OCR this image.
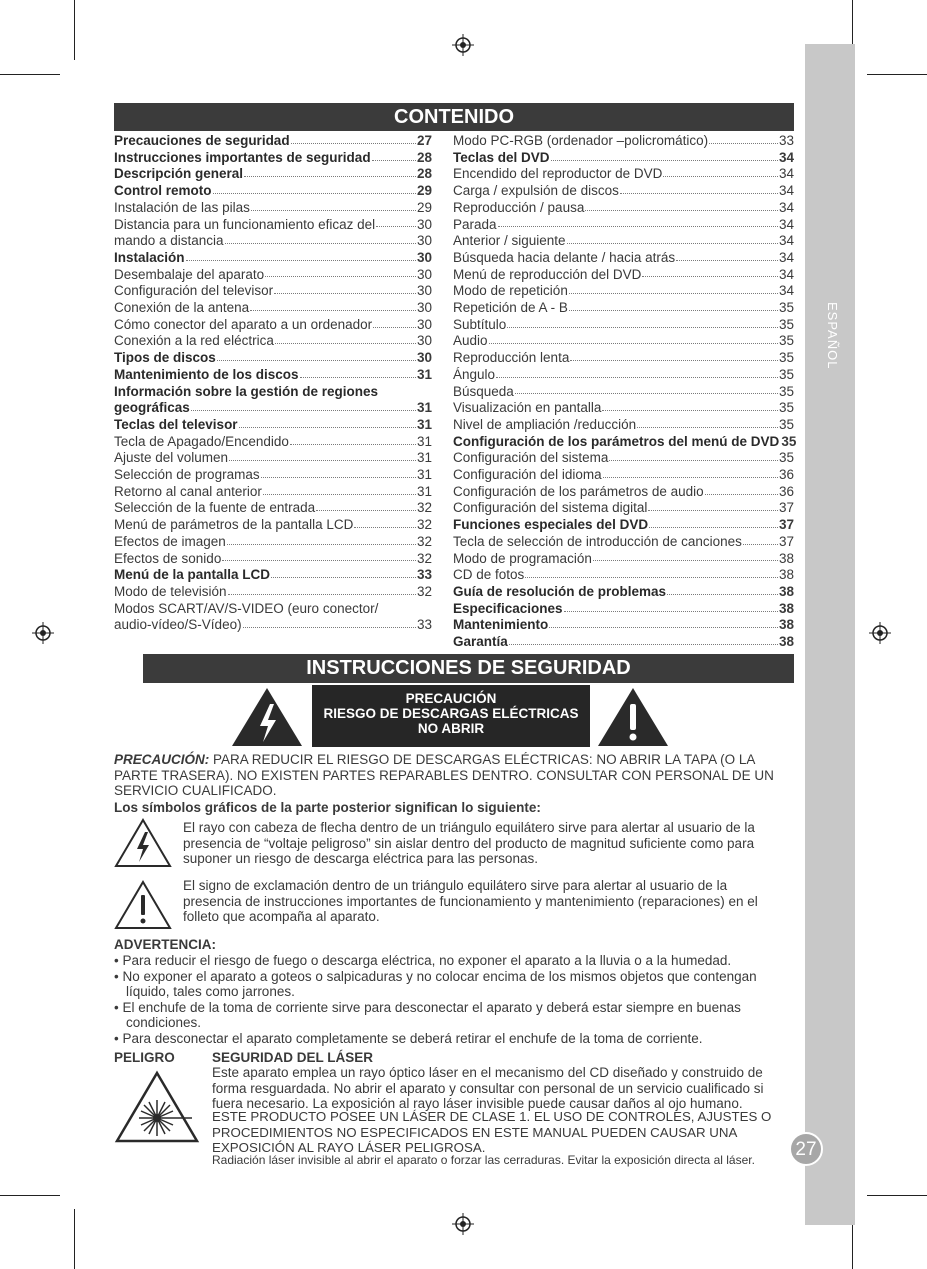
ESPAÑOL
27
CONTENIDO
Precauciones de seguridad	27
Instrucciones importantes de seguridad	28
Descripción general	28
Control remoto	29
Instalación de las pilas	29
Distancia para un funcionamiento eficaz del	30
mando a distancia	30
Instalación	30
Desembalaje del aparato	30
Configuración del televisor	30
Conexión de la antena	30
Cómo conector del aparato a un ordenador	30
Conexión a la red eléctrica	30
Tipos de discos	30
Mantenimiento de los discos	31
Información sobre la gestión de regiones
geográficas	31
Teclas del televisor	31
Tecla de Apagado/Encendido	31
Ajuste del volumen	31
Selección de programas	31
Retorno al canal anterior	31
Selección de la fuente de entrada	32
Menú de parámetros de la pantalla LCD	32
Efectos de imagen	32
Efectos de sonido	32
Menú de la pantalla LCD	33
Modo de televisión	32
Modos SCART/AV/S-VIDEO (euro conector/
audio-vídeo/S-Vídeo)	33
Modo PC-RGB (ordenador –policromático)	33
Teclas del DVD	34
Encendido del reproductor de DVD	34
Carga / expulsión de discos	34
Reproducción / pausa	34
Parada	34
Anterior / siguiente	34
Búsqueda hacia delante / hacia atrás	34
Menú de reproducción del DVD	34
Modo de repetición	34
Repetición de A - B	35
Subtítulo	35
Audio	35
Reproducción lenta	35
Ángulo	35
Búsqueda	35
Visualización en pantalla	35
Nivel de ampliación /reducción	35
Configuración de los parámetros del menú de DVD 35
Configuración del sistema	35
Configuración del idioma	36
Configuración de los parámetros de audio	36
Configuración del sistema digital	37
Funciones especiales del DVD	37
Tecla de selección de introducción de canciones	37
Modo de programación	38
CD de fotos	38
Guía de resolución de problemas	38
Especificaciones	38
Mantenimiento	38
Garantía	38
INSTRUCCIONES DE SEGURIDAD
PRECAUCIÓN
RIESGO DE DESCARGAS ELÉCTRICAS
NO ABRIR
PRECAUCIÓN: PARA REDUCIR EL RIESGO DE DESCARGAS ELÉCTRICAS: NO ABRIR LA TAPA (O LA PARTE TRASERA). NO EXISTEN PARTES REPARABLES DENTRO. CONSULTAR CON PERSONAL DE UN SERVICIO CUALIFICADO.
Los símbolos gráficos de la parte posterior significan lo siguiente:
El rayo con cabeza de flecha dentro de un triángulo equilátero sirve para alertar al usuario de la presencia de “voltaje peligroso” sin aislar dentro del producto de magnitud suficiente como para suponer un riesgo de descarga eléctrica para las personas.
El signo de exclamación dentro de un triángulo equilátero sirve para alertar al usuario de la presencia de instrucciones importantes de funcionamiento y mantenimiento (reparaciones) en el folleto que acompaña al aparato.
ADVERTENCIA:
• Para reducir el riesgo de fuego o descarga eléctrica, no exponer el aparato a la lluvia o a la humedad.
• No exponer el aparato a goteos o salpicaduras y no colocar encima de los mismos objetos que contengan líquido, tales como jarrones.
• El enchufe de la toma de corriente sirve para desconectar el aparato y deberá estar siempre en buenas condiciones.
• Para desconectar el aparato completamente se deberá retirar el enchufe de la toma de corriente.
PELIGRO	SEGURIDAD DEL LÁSER
Este aparato emplea un rayo óptico láser en el mecanismo del CD diseñado y construido de forma resguardada. No abrir el aparato y consultar con personal de un servicio cualificado si fuera necesario. La exposición al rayo láser invisible puede causar daños al ojo humano.
ESTE PRODUCTO POSEE UN LÁSER DE CLASE 1. EL USO DE CONTROLES, AJUSTES O PROCEDIMIENTOS NO ESPECIFICADOS EN ESTE MANUAL PUEDEN CAUSAR UNA EXPOSICIÓN AL RAYO LÁSER PELIGROSA.
Radiación láser invisible al abrir el aparato o forzar las cerraduras. Evitar la exposición directa al láser.
